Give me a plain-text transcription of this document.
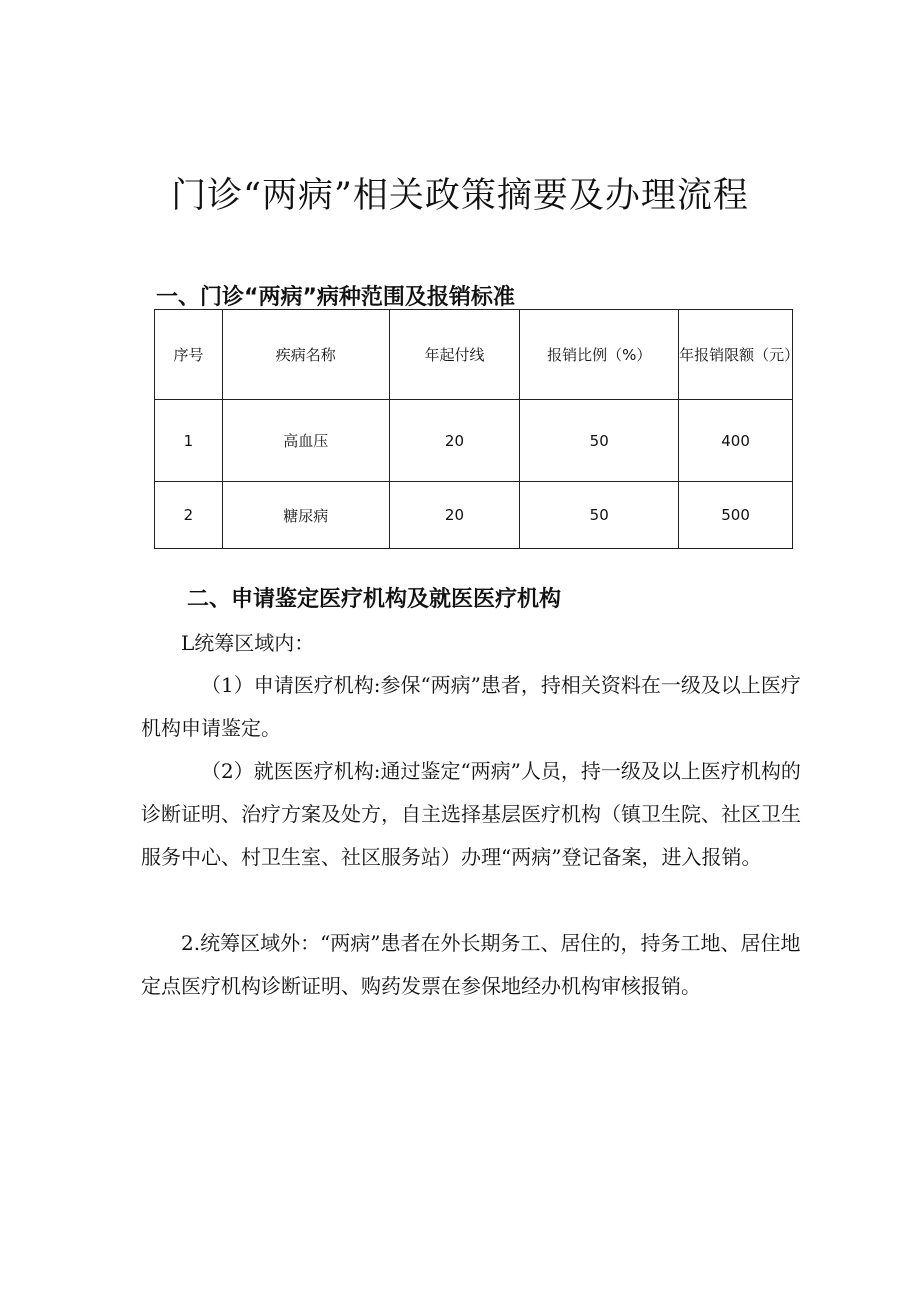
门诊“两病”相关政策摘要及办理流程
一、门诊“两病”病种范围及报销标准
序号	疾病名称	年起付线	报销比例（%）	年报销限额（元）
1	高血压	20	50	400
2	糖尿病	20	50	500
二、申请鉴定医疗机构及就医医疗机构
L统筹区域内：
（1）申请医疗机构:参保“两病”患者，持相关资料在一级及以上医疗机构申请鉴定。
（2）就医医疗机构:通过鉴定“两病”人员，持一级及以上医疗机构的诊断证明、治疗方案及处方，自主选择基层医疗机构（镇卫生院、社区卫生服务中心、村卫生室、社区服务站）办理“两病”登记备案，进入报销。
2.统筹区域外：“两病”患者在外长期务工、居住的，持务工地、居住地定点医疗机构诊断证明、购药发票在参保地经办机构审核报销。
